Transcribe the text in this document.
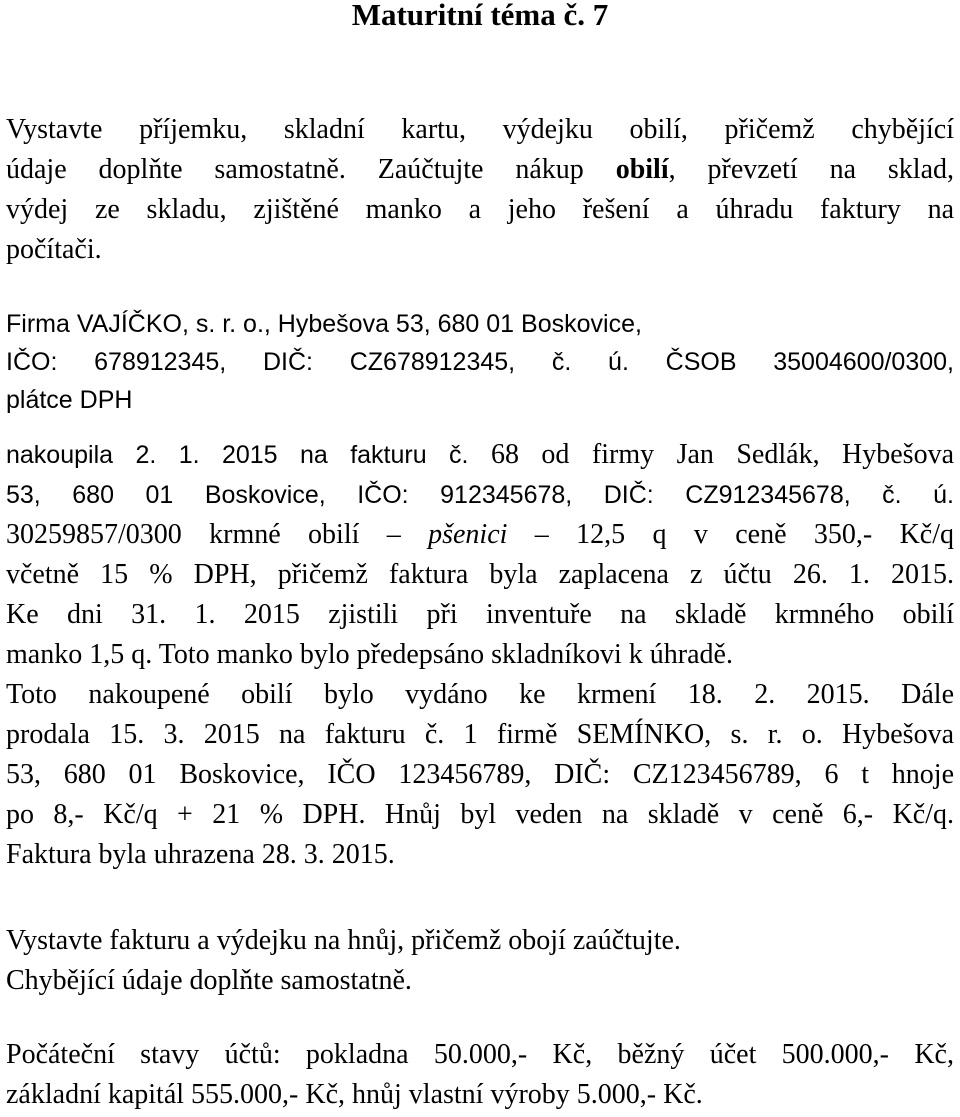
Maturitní téma č. 7
Vystavte příjemku, skladní kartu, výdejku obilí, přičemž chybějící
údaje doplňte samostatně. Zaúčtujte nákup obilí, převzetí na sklad,
výdej ze skladu, zjištěné manko a jeho řešení a úhradu faktury na
počítači.
Firma VAJÍČKO, s. r. o., Hybešova 53, 680 01 Boskovice,
IČO: 678912345, DIČ: CZ678912345, č. ú. ČSOB 35004600/0300,
plátce DPH
nakoupila 2. 1. 2015 na fakturu č. 68 od firmy Jan Sedlák, Hybešova
53, 680 01 Boskovice, IČO: 912345678, DIČ: CZ912345678, č. ú.
30259857/0300 krmné obilí – pšenici – 12,5 q v ceně 350,- Kč/q
včetně 15 % DPH, přičemž faktura byla zaplacena z účtu 26. 1. 2015.
Ke dni 31. 1. 2015 zjistili při inventuře na skladě krmného obilí
manko 1,5 q. Toto manko bylo předepsáno skladníkovi k úhradě.
Toto nakoupené obilí bylo vydáno ke krmení 18. 2. 2015. Dále
prodala 15. 3. 2015 na fakturu č. 1 firmě SEMÍNKO, s. r. o. Hybešova
53, 680 01 Boskovice, IČO 123456789, DIČ: CZ123456789, 6 t hnoje
po 8,- Kč/q + 21 % DPH. Hnůj byl veden na skladě v ceně 6,- Kč/q.
Faktura byla uhrazena 28. 3. 2015.
Vystavte fakturu a výdejku na hnůj, přičemž obojí zaúčtujte.
Chybějící údaje doplňte samostatně.
Počáteční stavy účtů: pokladna 50.000,- Kč, běžný účet 500.000,- Kč,
základní kapitál 555.000,- Kč, hnůj vlastní výroby 5.000,- Kč.
